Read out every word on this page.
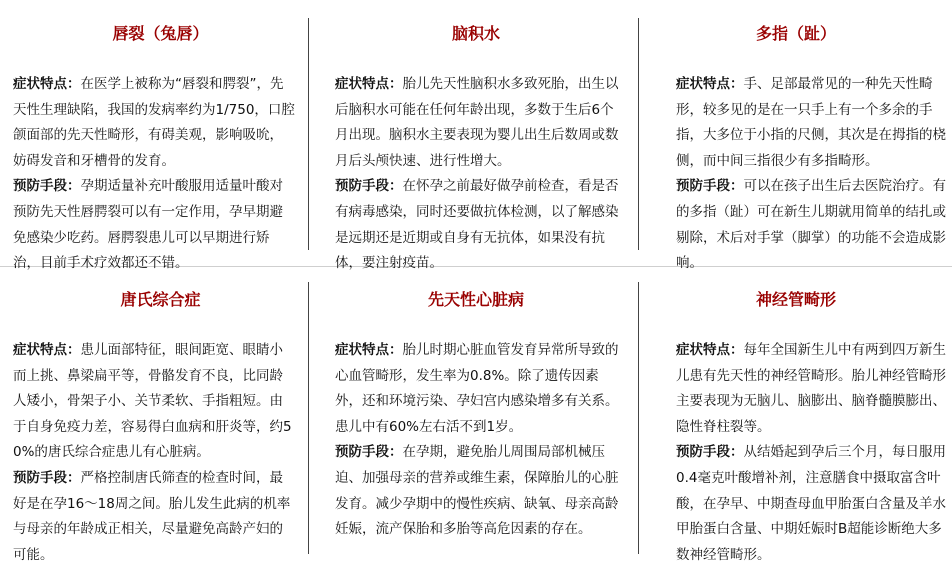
唇裂（兔唇）
症状特点：在医学上被称为“唇裂和腭裂”，先天性生理缺陷，我国的发病率约为1/750，口腔颌面部的先天性畸形，有碍美观，影响吸吮，妨碍发音和牙槽骨的发育。
预防手段：孕期适量补充叶酸服用适量叶酸对预防先天性唇腭裂可以有一定作用，孕早期避免感染少吃药。唇腭裂患儿可以早期进行矫治，目前手术疗效都还不错。
脑积水
症状特点：胎儿先天性脑积水多致死胎，出生以后脑积水可能在任何年龄出现，多数于生后6个月出现。脑积水主要表现为婴儿出生后数周或数月后头颅快速、进行性增大。
预防手段：在怀孕之前最好做孕前检查，看是否有病毒感染，同时还要做抗体检测，以了解感染是远期还是近期或自身有无抗体，如果没有抗体，要注射疫苗。
多指（趾）
症状特点：手、足部最常见的一种先天性畸形，较多见的是在一只手上有一个多余的手指，大多位于小指的尺侧，其次是在拇指的桡侧，而中间三指很少有多指畸形。
预防手段：可以在孩子出生后去医院治疗。有的多指（趾）可在新生儿期就用简单的结扎或剔除，术后对手掌（脚掌）的功能不会造成影响。
唐氏综合症
症状特点：患儿面部特征，眼间距宽、眼睛小而上挑、鼻梁扁平等，骨骼发育不良，比同龄人矮小，骨架子小、关节柔软、手指粗短。由于自身免疫力差，容易得白血病和肝炎等，约50%的唐氏综合症患儿有心脏病。
预防手段：严格控制唐氏筛查的检查时间，最好是在孕16～18周之间。胎儿发生此病的机率与母亲的年龄成正相关，尽量避免高龄产妇的可能。
先天性心脏病
症状特点：胎儿时期心脏血管发育异常所导致的心血管畸形，发生率为0.8%。除了遗传因素外，还和环境污染、孕妇宫内感染增多有关系。患儿中有60%左右活不到1岁。
预防手段：在孕期，避免胎儿周围局部机械压迫、加强母亲的营养或维生素，保障胎儿的心脏发育。减少孕期中的慢性疾病、缺氧、母亲高龄妊娠，流产保胎和多胎等高危因素的存在。
神经管畸形
症状特点：每年全国新生儿中有两到四万新生儿患有先天性的神经管畸形。胎儿神经管畸形主要表现为无脑儿、脑膨出、脑脊髓膜膨出、隐性脊柱裂等。
预防手段：从结婚起到孕后三个月，每日服用0.4毫克叶酸增补剂，注意膳食中摄取富含叶酸，在孕早、中期查母血甲胎蛋白含量及羊水甲胎蛋白含量、中期妊娠时B超能诊断绝大多数神经管畸形。
